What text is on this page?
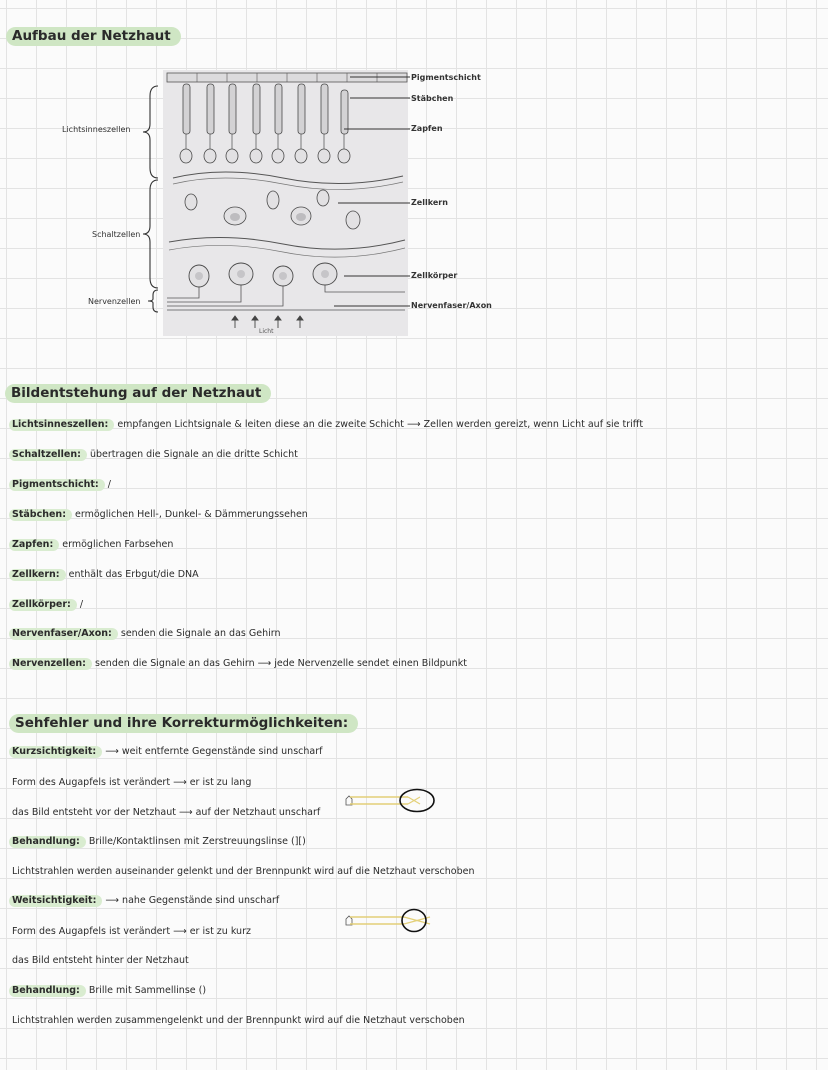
Aufbau der Netzhaut
Lichtsinneszellen
Schaltzellen
Nervenzellen
Licht
Pigmentschicht
Stäbchen
Zapfen
Zellkern
Zellkörper
Nervenfaser/Axon
Bildentstehung auf der Netzhaut
Lichtsinneszellen: empfangen Lichtsignale & leiten diese an die zweite Schicht ⟶ Zellen werden gereizt, wenn Licht auf sie trifft
Schaltzellen: übertragen die Signale an die dritte Schicht
Pigmentschicht: /
Stäbchen: ermöglichen Hell-, Dunkel- & Dämmerungssehen
Zapfen: ermöglichen Farbsehen
Zellkern: enthält das Erbgut/die DNA
Zellkörper: /
Nervenfaser/Axon: senden die Signale an das Gehirn
Nervenzellen: senden die Signale an das Gehirn ⟶ jede Nervenzelle sendet einen Bildpunkt
Sehfehler und ihre Korrekturmöglichkeiten:
Kurzsichtigkeit: ⟶ weit entfernte Gegenstände sind unscharf
Form des Augapfels ist verändert ⟶ er ist zu lang
das Bild entsteht vor der Netzhaut ⟶ auf der Netzhaut unscharf
Behandlung: Brille/Kontaktlinsen mit Zerstreuungslinse (][)
Lichtstrahlen werden auseinander gelenkt und der Brennpunkt wird auf die Netzhaut verschoben
Weitsichtigkeit: ⟶ nahe Gegenstände sind unscharf
Form des Augapfels ist verändert ⟶ er ist zu kurz
das Bild entsteht hinter der Netzhaut
Behandlung: Brille mit Sammellinse ()
Lichtstrahlen werden zusammengelenkt und der Brennpunkt wird auf die Netzhaut verschoben
